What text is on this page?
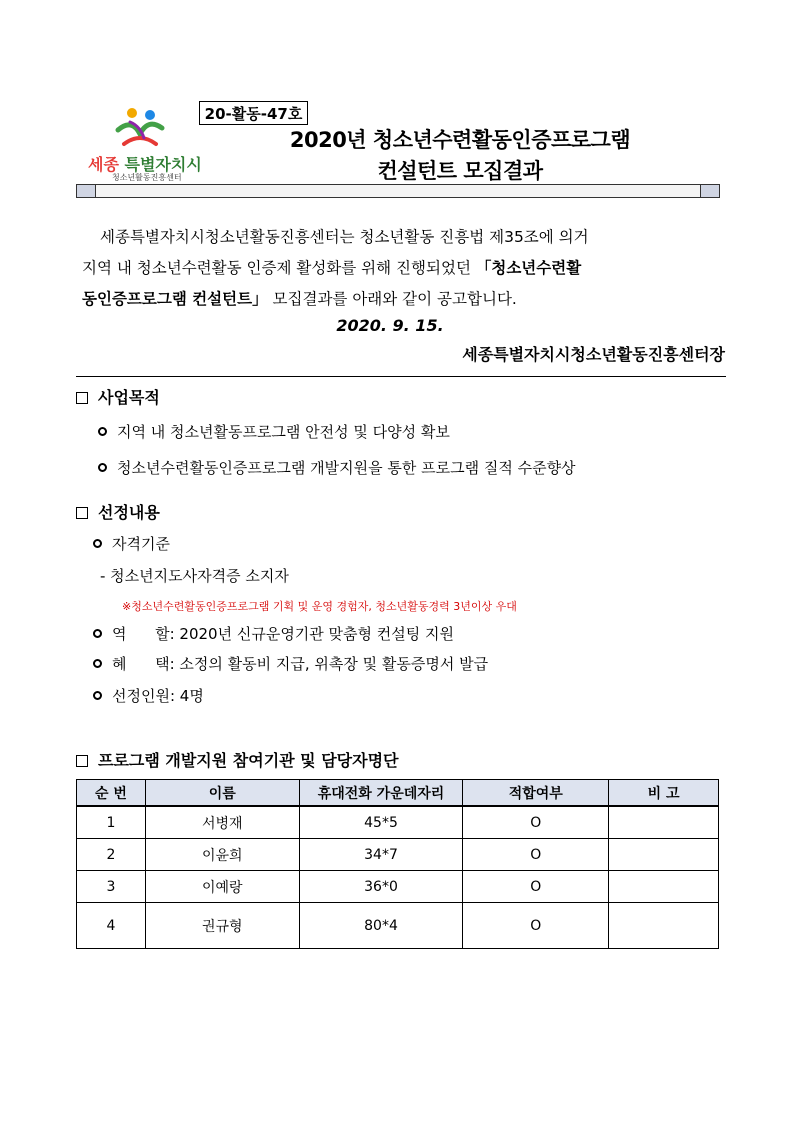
세종 특별자치시
청소년활동진흥센터
20-활동-47호
2020년 청소년수련활동인증프로그램
컨설턴트 모집결과
세종특별자치시청소년활동진흥센터는 청소년활동 진흥법 제35조에 의거
지역 내 청소년수련활동 인증제 활성화를 위해 진행되었던 「청소년수련활
동인증프로그램 컨설턴트」 모집결과를 아래와 같이 공고합니다.
2020. 9. 15.
세종특별자치시청소년활동진흥센터장
사업목적
지역 내 청소년활동프로그램 안전성 및 다양성 확보
청소년수련활동인증프로그램 개발지원을 통한 프로그램 질적 수준향상
선정내용
자격기준
- 청소년지도사자격증 소지자
※청소년수련활동인증프로그램 기획 및 운영 경험자, 청소년활동경력 3년이상 우대
역      할: 2020년 신규운영기관 맞춤형 컨설팅 지원
혜      택: 소정의 활동비 지급, 위촉장 및 활동증명서 발급
선정인원: 4명
프로그램 개발지원 참여기관 및 담당자명단
순 번	이름	휴대전화 가운데자리	적합여부	비 고
1	서병재	45*5	O	
2	이윤희	34*7	O	
3	이예랑	36*0	O	
4	권규형	80*4	O	
